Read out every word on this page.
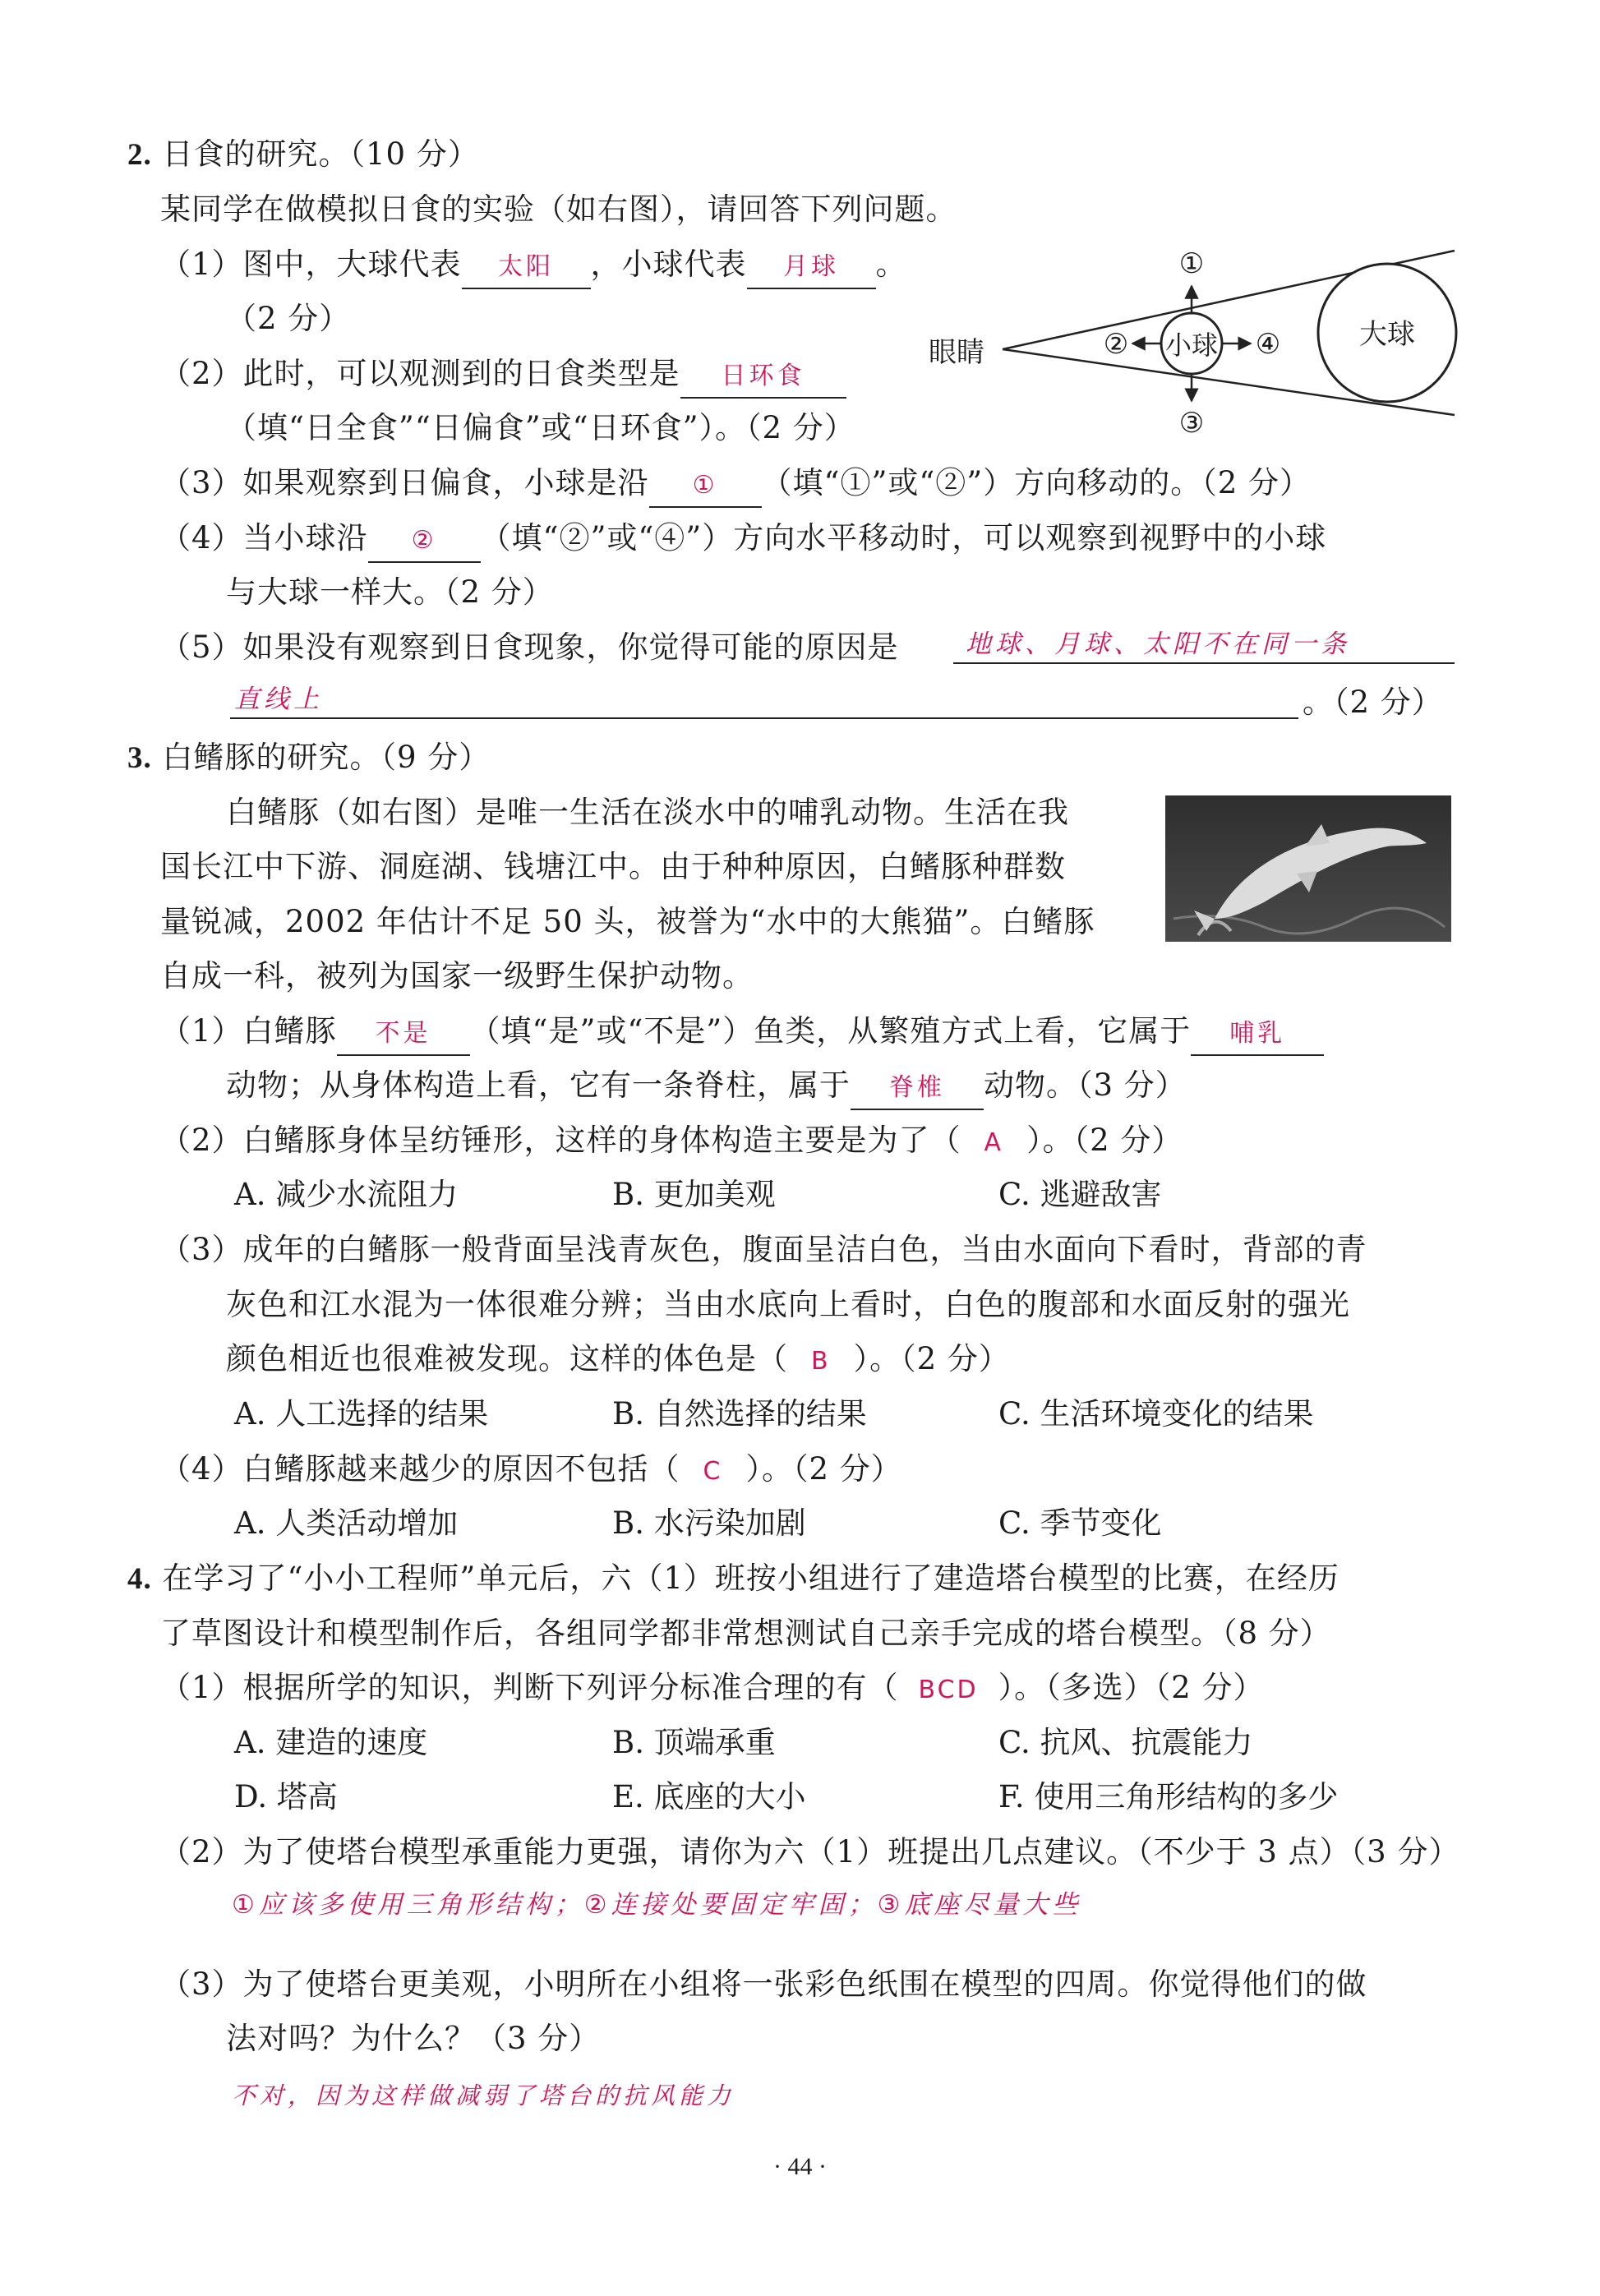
2. 日食的研究。（10 分）
某同学在做模拟日食的实验（如右图），请回答下列问题。
（1）图中，大球代表 太阳 ，小球代表 月球 。
（2 分）
（2）此时，可以观测到的日食类型是 日环食
（填“日全食”“日偏食”或“日环食”）。（2 分）
（3）如果观察到日偏食，小球是沿 ① （填“①”或“②”）方向移动的。（2 分）
（4）当小球沿 ② （填“②”或“④”）方向水平移动时，可以观察到视野中的小球
与大球一样大。（2 分）
（5）如果没有观察到日食现象，你觉得可能的原因是	地球、月球、太阳不在同一条
直线上	。（2 分）
眼睛	小球	大球
①
②
③
④
3. 白鳍豚的研究。（9 分）
白鳍豚（如右图）是唯一生活在淡水中的哺乳动物。生活在我
国长江中下游、洞庭湖、钱塘江中。由于种种原因，白鳍豚种群数
量锐减，2002 年估计不足 50 头，被誉为“水中的大熊猫”。白鳍豚
自成一科，被列为国家一级野生保护动物。
（1）白鳍豚 不是 （填“是”或“不是”）鱼类，从繁殖方式上看，它属于 哺乳
动物；从身体构造上看，它有一条脊柱，属于 脊椎 动物。（3 分）
（2）白鳍豚身体呈纺锤形，这样的身体构造主要是为了（ A ）。（2 分）
A. 减少水流阻力	B. 更加美观	C. 逃避敌害
（3）成年的白鳍豚一般背面呈浅青灰色，腹面呈洁白色，当由水面向下看时，背部的青
灰色和江水混为一体很难分辨；当由水底向上看时，白色的腹部和水面反射的强光
颜色相近也很难被发现。这样的体色是（ B ）。（2 分）
A. 人工选择的结果	B. 自然选择的结果	C. 生活环境变化的结果
（4）白鳍豚越来越少的原因不包括（ C ）。（2 分）
A. 人类活动增加	B. 水污染加剧	C. 季节变化
4. 在学习了“小小工程师”单元后，六（1）班按小组进行了建造塔台模型的比赛，在经历
了草图设计和模型制作后，各组同学都非常想测试自己亲手完成的塔台模型。（8 分）
（1）根据所学的知识，判断下列评分标准合理的有（ BCD ）。（多选）（2 分）
A. 建造的速度	B. 顶端承重	C. 抗风、抗震能力
D. 塔高	E. 底座的大小	F. 使用三角形结构的多少
（2）为了使塔台模型承重能力更强，请你为六（1）班提出几点建议。（不少于 3 点）（3 分）
①应该多使用三角形结构；②连接处要固定牢固；③底座尽量大些
（3）为了使塔台更美观，小明所在小组将一张彩色纸围在模型的四周。你觉得他们的做
法对吗？为什么？（3 分）
不对，因为这样做减弱了塔台的抗风能力
· 44 ·
